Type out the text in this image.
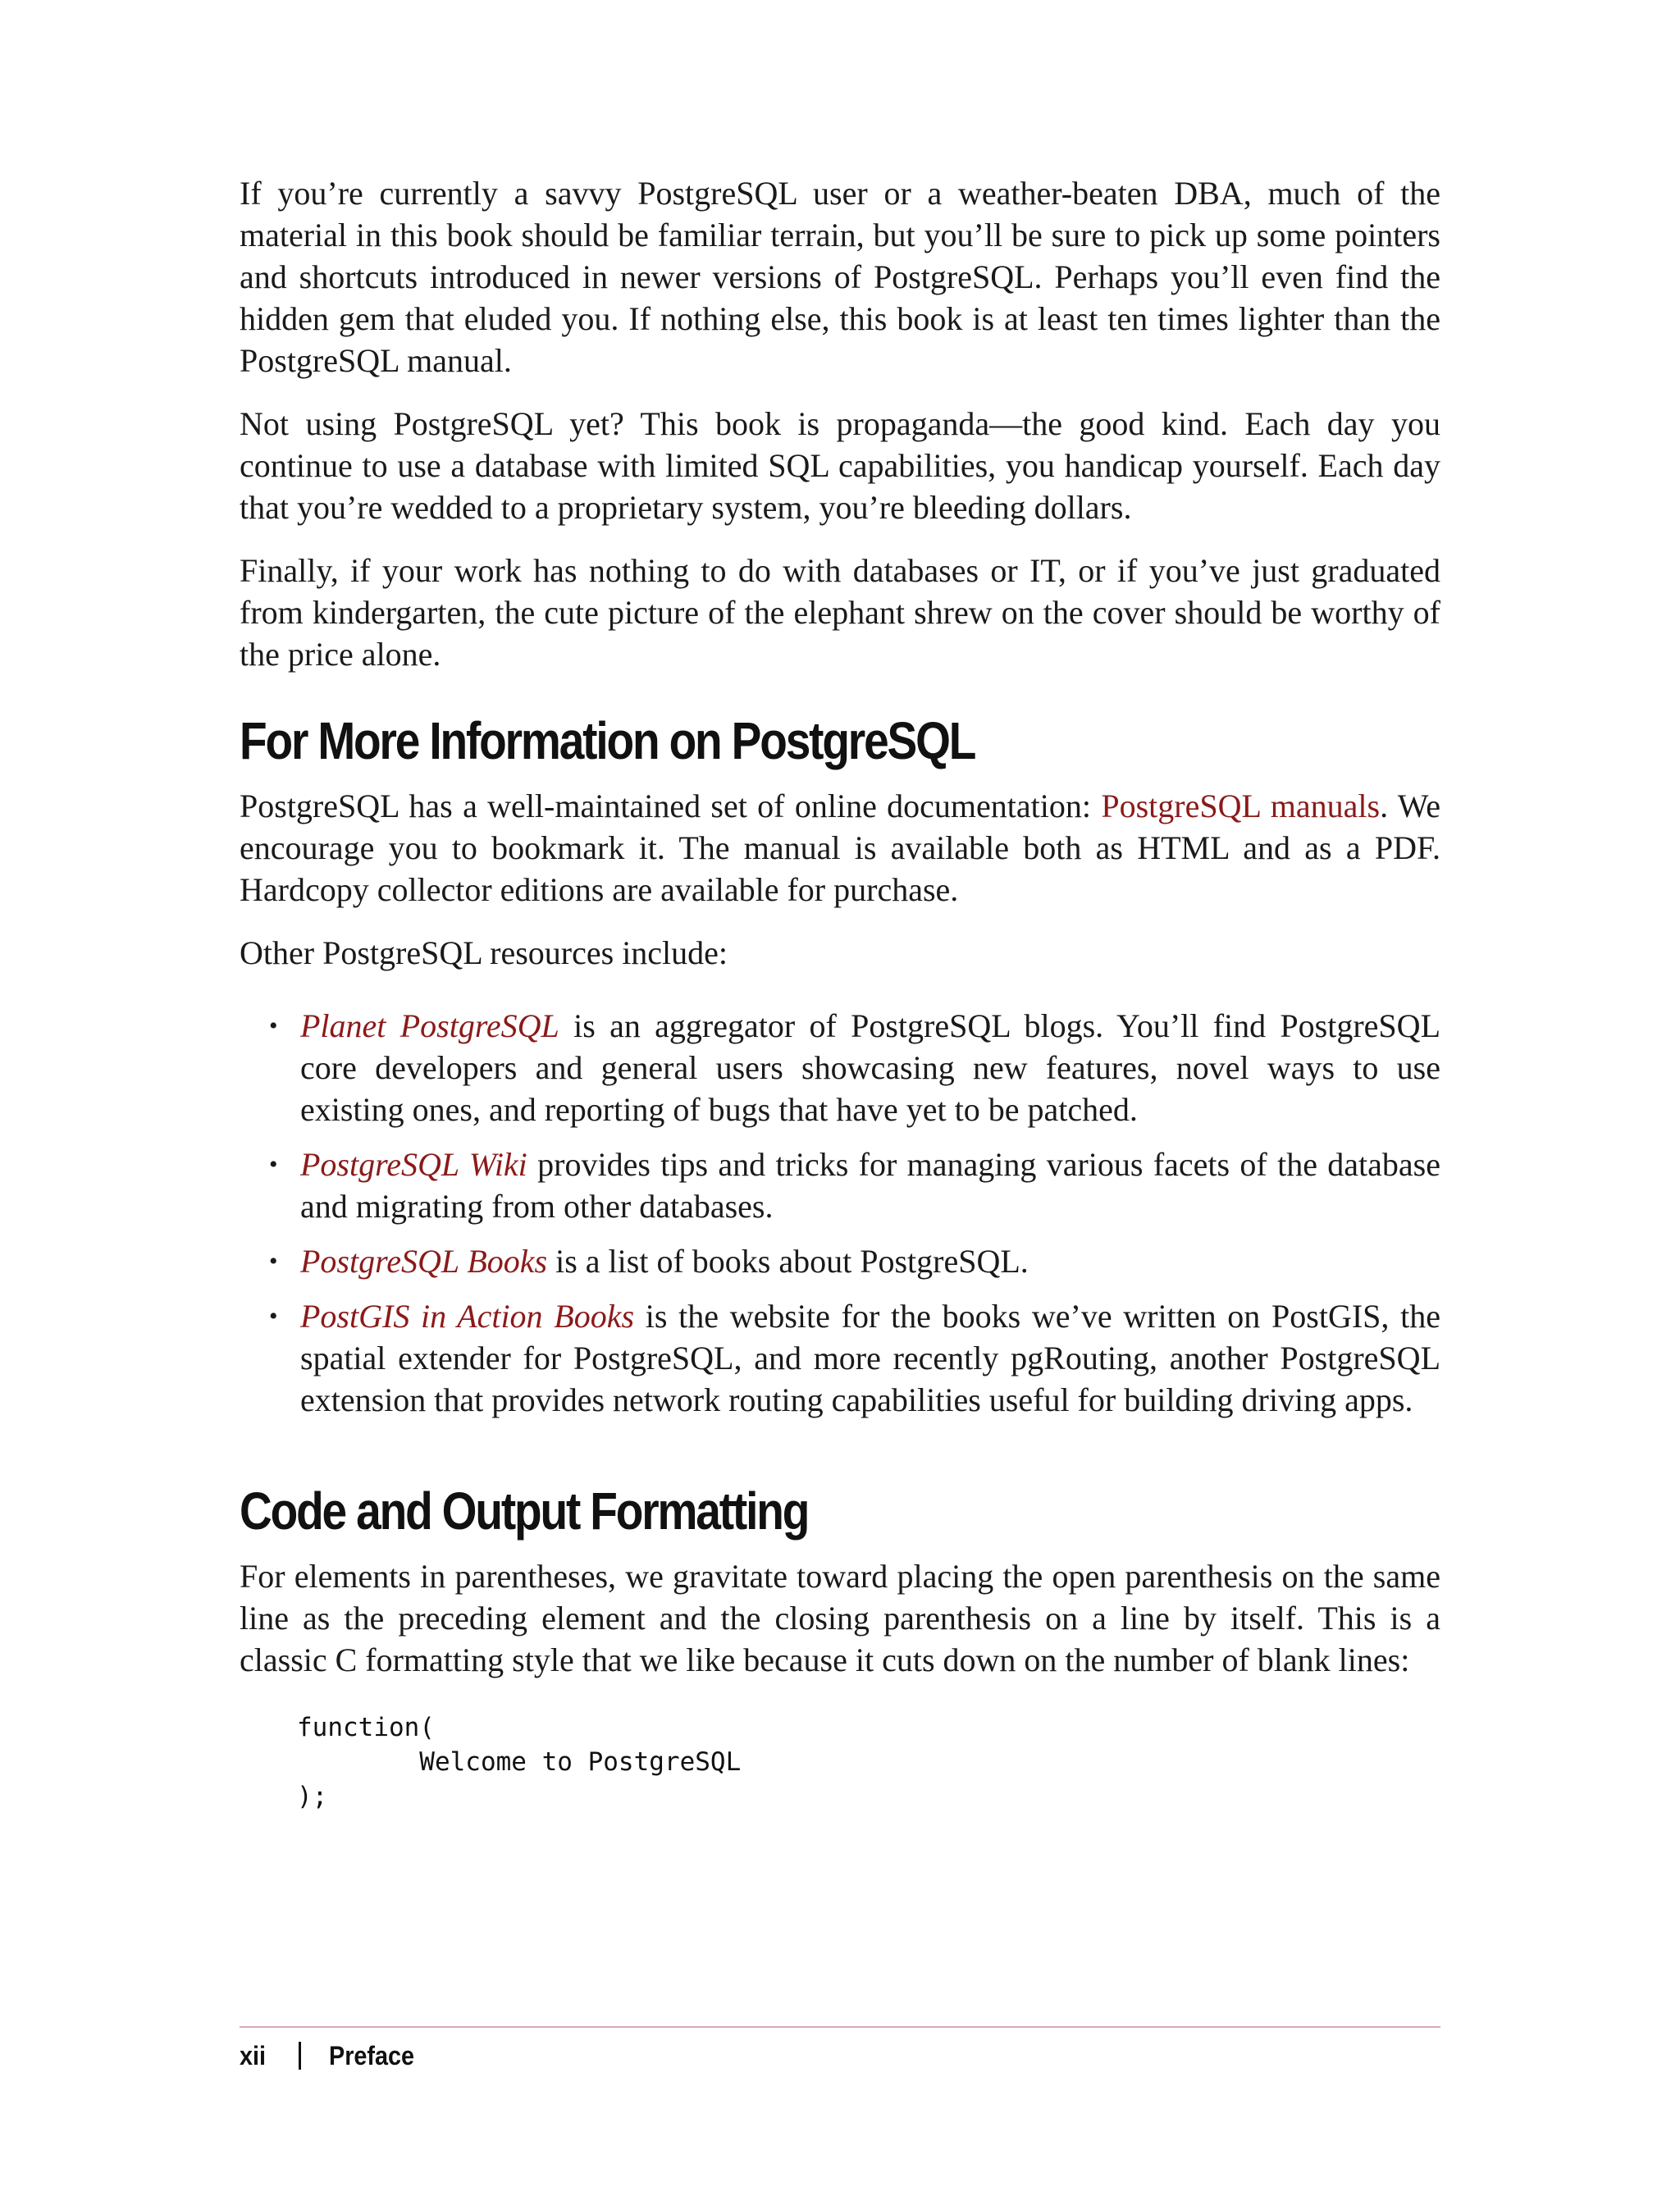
If you’re currently a savvy PostgreSQL user or a weather-beaten DBA, much of the material in this book should be familiar terrain, but you’ll be sure to pick up some pointers and shortcuts introduced in newer versions of PostgreSQL. Perhaps you’ll even find the hidden gem that eluded you. If nothing else, this book is at least ten times lighter than the PostgreSQL manual.

Not using PostgreSQL yet? This book is propaganda—the good kind. Each day you continue to use a database with limited SQL capabilities, you handicap yourself. Each day that you’re wedded to a proprietary system, you’re bleeding dollars.

Finally, if your work has nothing to do with databases or IT, or if you’ve just graduated from kindergarten, the cute picture of the elephant shrew on the cover should be worthy of the price alone.

For More Information on PostgreSQL

PostgreSQL has a well-maintained set of online documentation: PostgreSQL manuals. We encourage you to bookmark it. The manual is available both as HTML and as a PDF. Hardcopy collector editions are available for purchase.

Other PostgreSQL resources include:

• Planet PostgreSQL is an aggregator of PostgreSQL blogs. You’ll find PostgreSQL core developers and general users showcasing new features, novel ways to use existing ones, and reporting of bugs that have yet to be patched.
• PostgreSQL Wiki provides tips and tricks for managing various facets of the database and migrating from other databases.
• PostgreSQL Books is a list of books about PostgreSQL.
• PostGIS in Action Books is the website for the books we’ve written on PostGIS, the spatial extender for PostgreSQL, and more recently pgRouting, another PostgreSQL extension that provides network routing capabilities useful for building driving apps.
Code and Output Formatting

For elements in parentheses, we gravitate toward placing the open parenthesis on the same line as the preceding element and the closing parenthesis on a line by itself. This is a classic C formatting style that we like because it cuts down on the number of blank lines:

function(
Welcome to PostgreSQL
);
xii Preface
